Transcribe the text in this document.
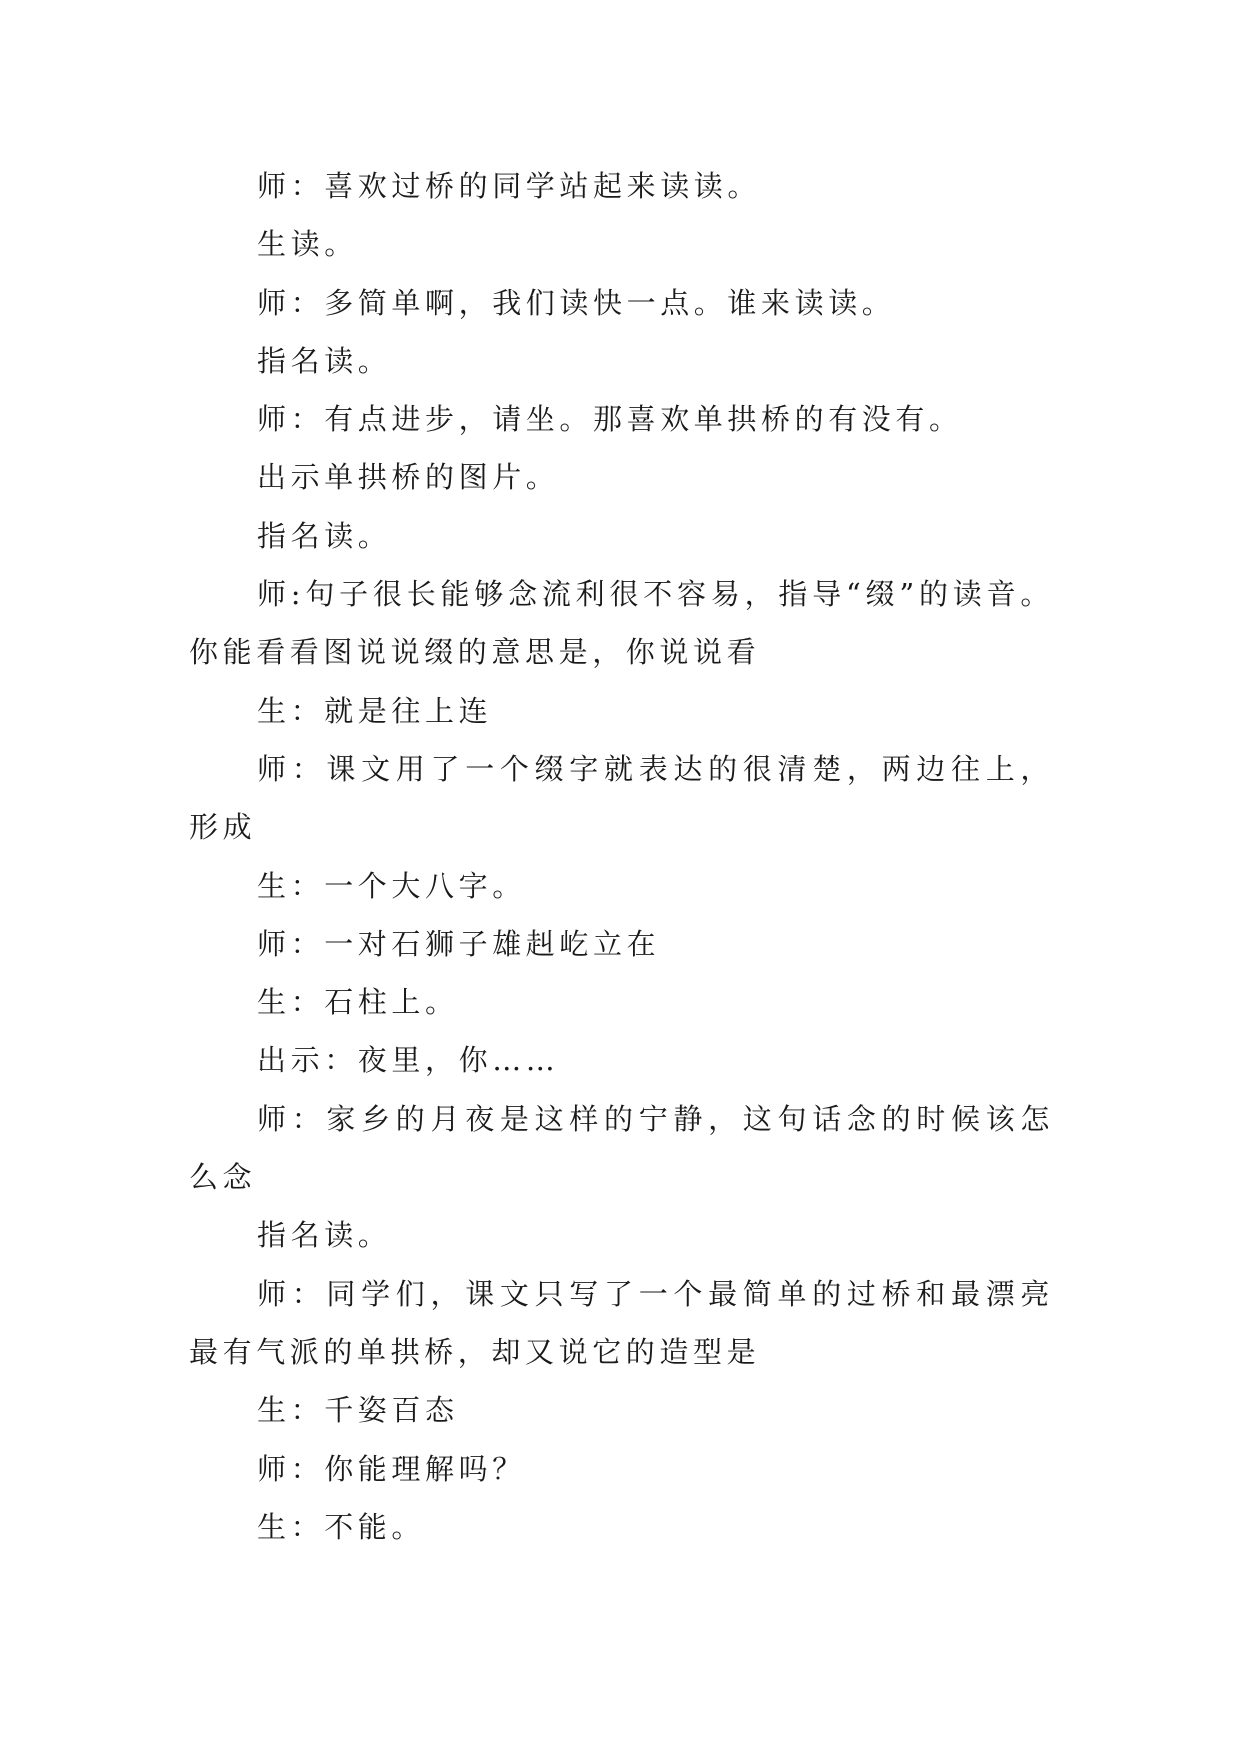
师：喜欢过桥的同学站起来读读。

生读。

师：多简单啊，我们读快一点。谁来读读。

指名读。

师：有点进步，请坐。那喜欢单拱桥的有没有。

出示单拱桥的图片。

指名读。

师:句子很长能够念流利很不容易，指导“缀”的读音。你能看看图说说缀的意思是，你说说看

生：就是往上连

师：课文用了一个缀字就表达的很清楚，两边往上，形成

生：一个大八字。

师：一对石狮子雄赳屹立在

生：石柱上。

出示：夜里，你……

师：家乡的月夜是这样的宁静，这句话念的时候该怎么念

指名读。

师：同学们，课文只写了一个最简单的过桥和最漂亮最有气派的单拱桥，却又说它的造型是

生：千姿百态

师：你能理解吗？

生：不能。
